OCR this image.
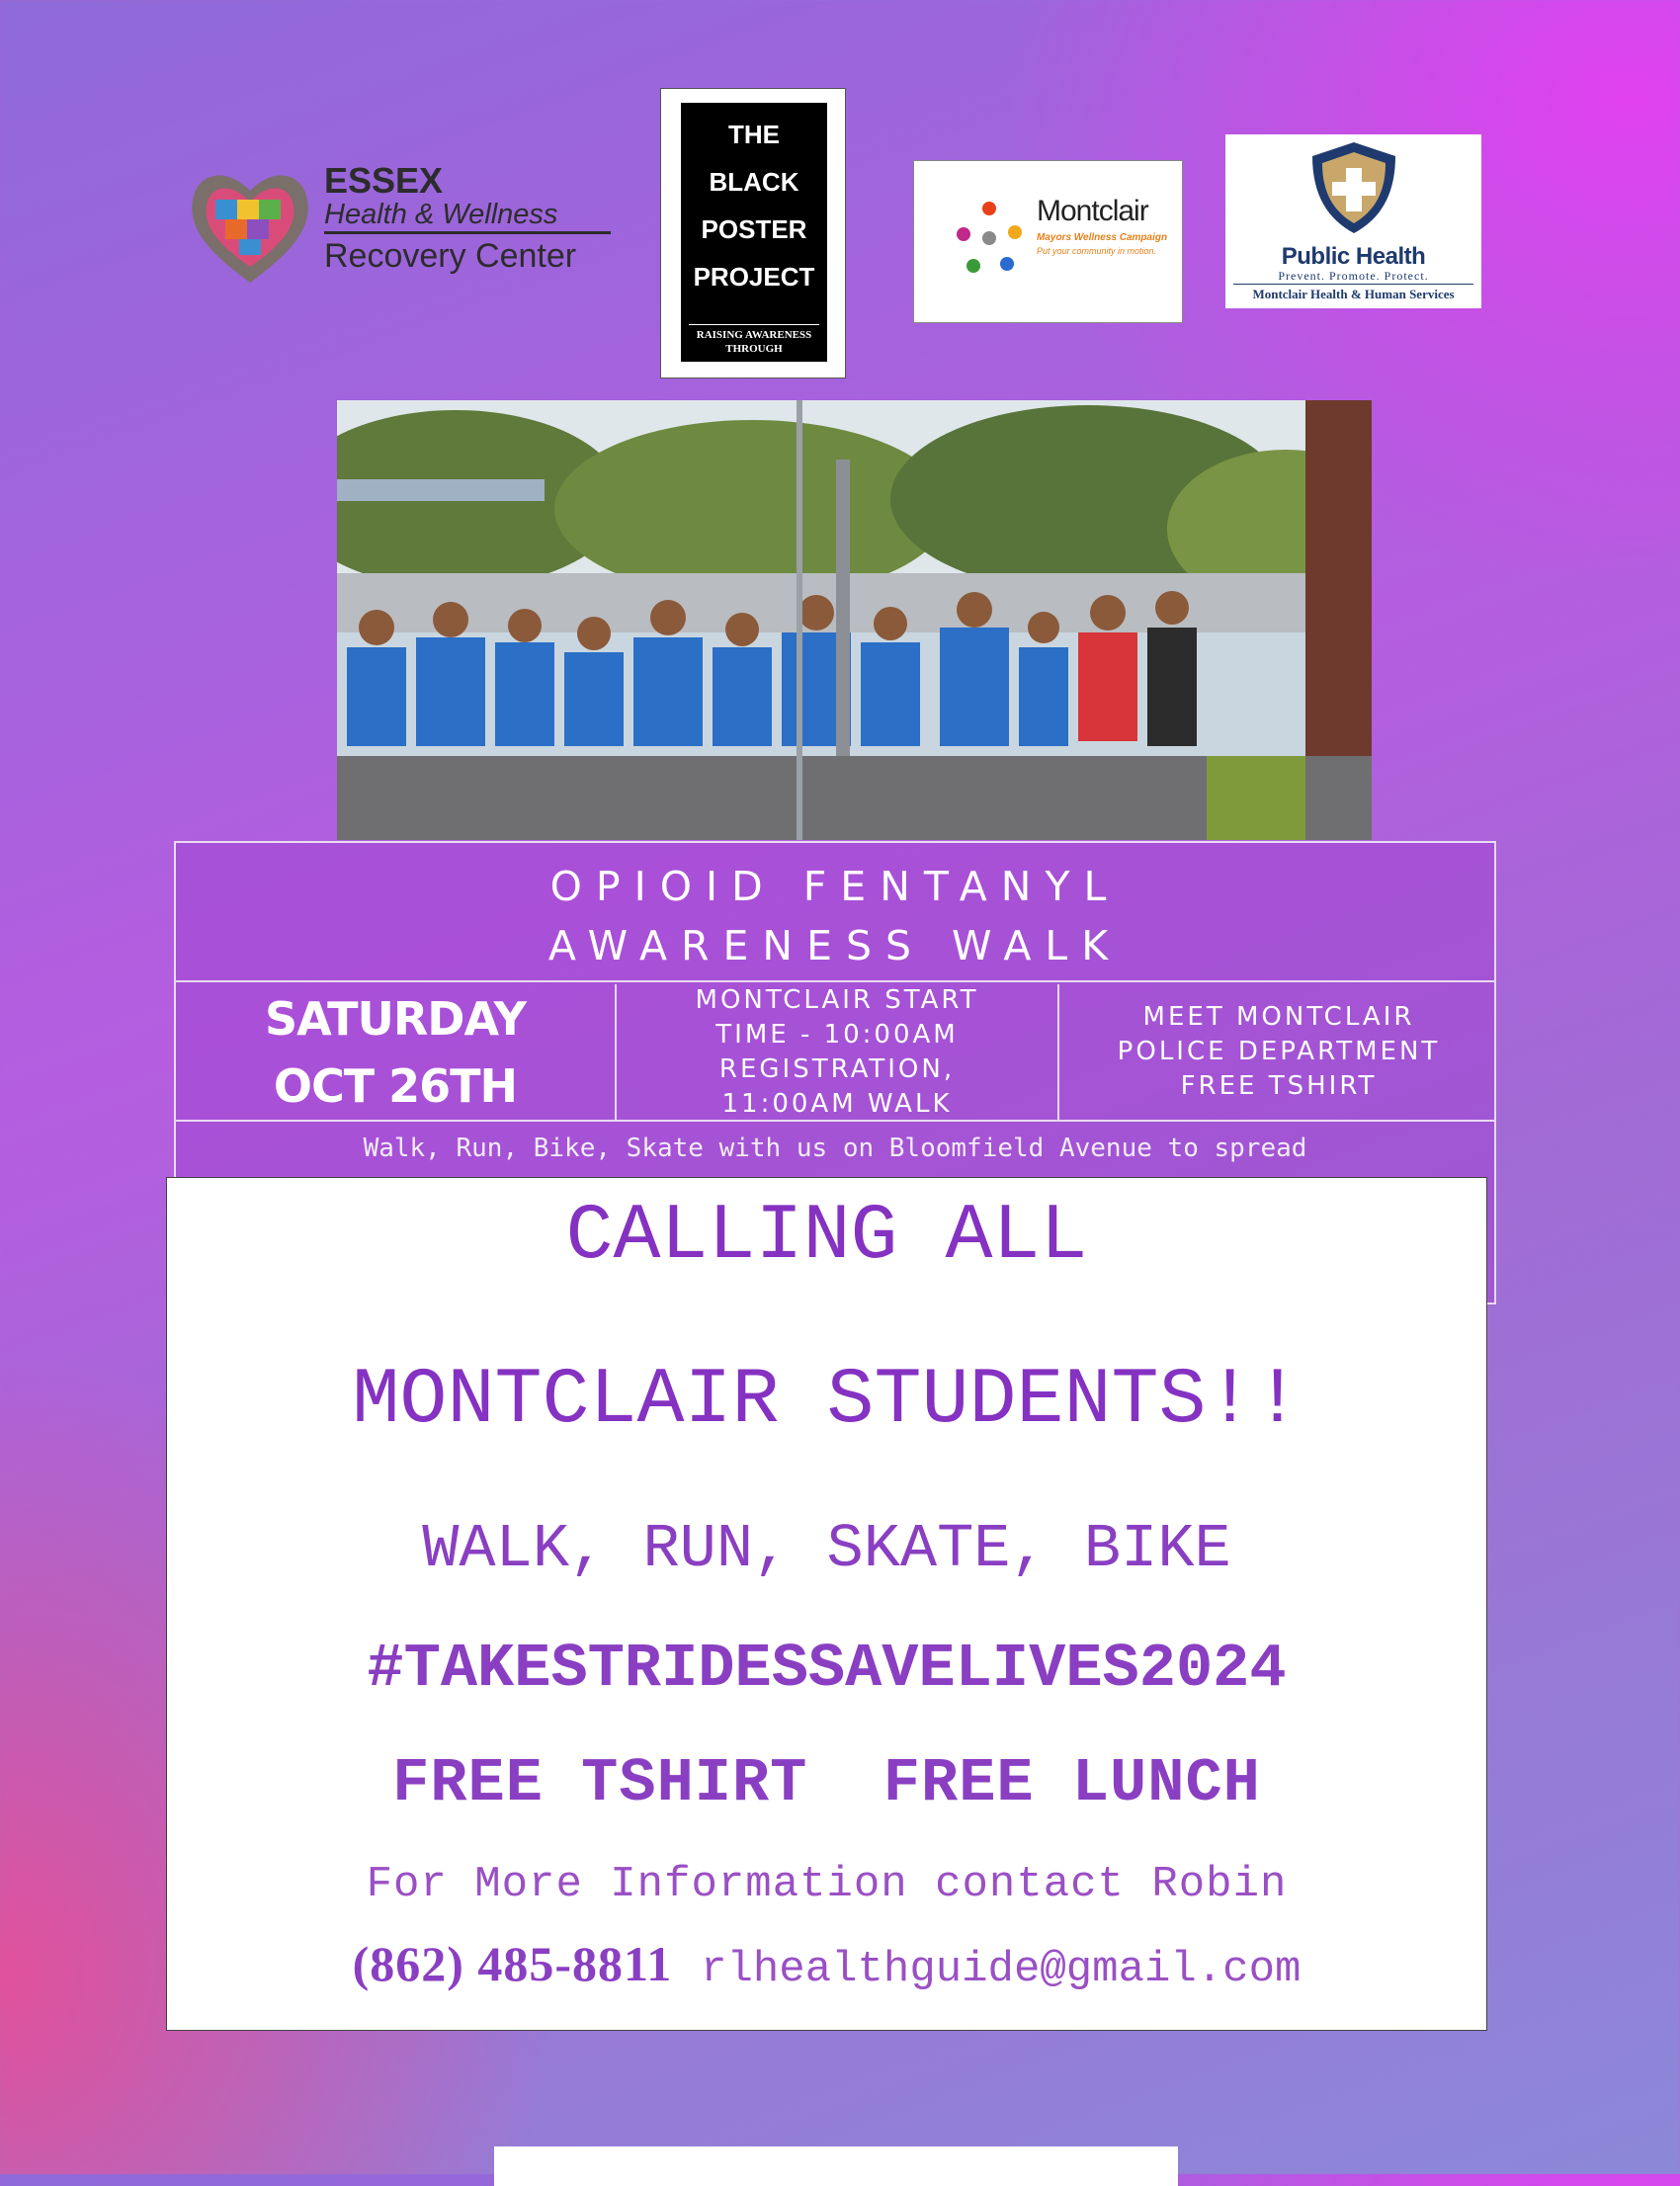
ESSEX
Health & Wellness
Recovery Center
THE
BLACK
POSTER
PROJECT
RAISING AWARENESS
THROUGH
Montclair
Mayors Wellness Campaign
Put your community in motion.	Public Health
Prevent. Promote. Protect.
Montclair Health & Human Services
OPIOID FENTANYL
AWARENESS WALK
SATURDAY
OCT 26TH
MONTCLAIR START
TIME - 10:00AM
REGISTRATION,
11:00AM WALK
MEET MONTCLAIR
POLICE DEPARTMENT
FREE TSHIRT
Walk, Run, Bike, Skate with us on Bloomfield Avenue to spread
CALLING ALL
MONTCLAIR STUDENTS!!
WALK, RUN, SKATE, BIKE
#TAKESTRIDESSAVELIVES2024
FREE TSHIRT  FREE LUNCH
For More Information contact Robin
(862) 485-8811 rlhealthguide@gmail.com
